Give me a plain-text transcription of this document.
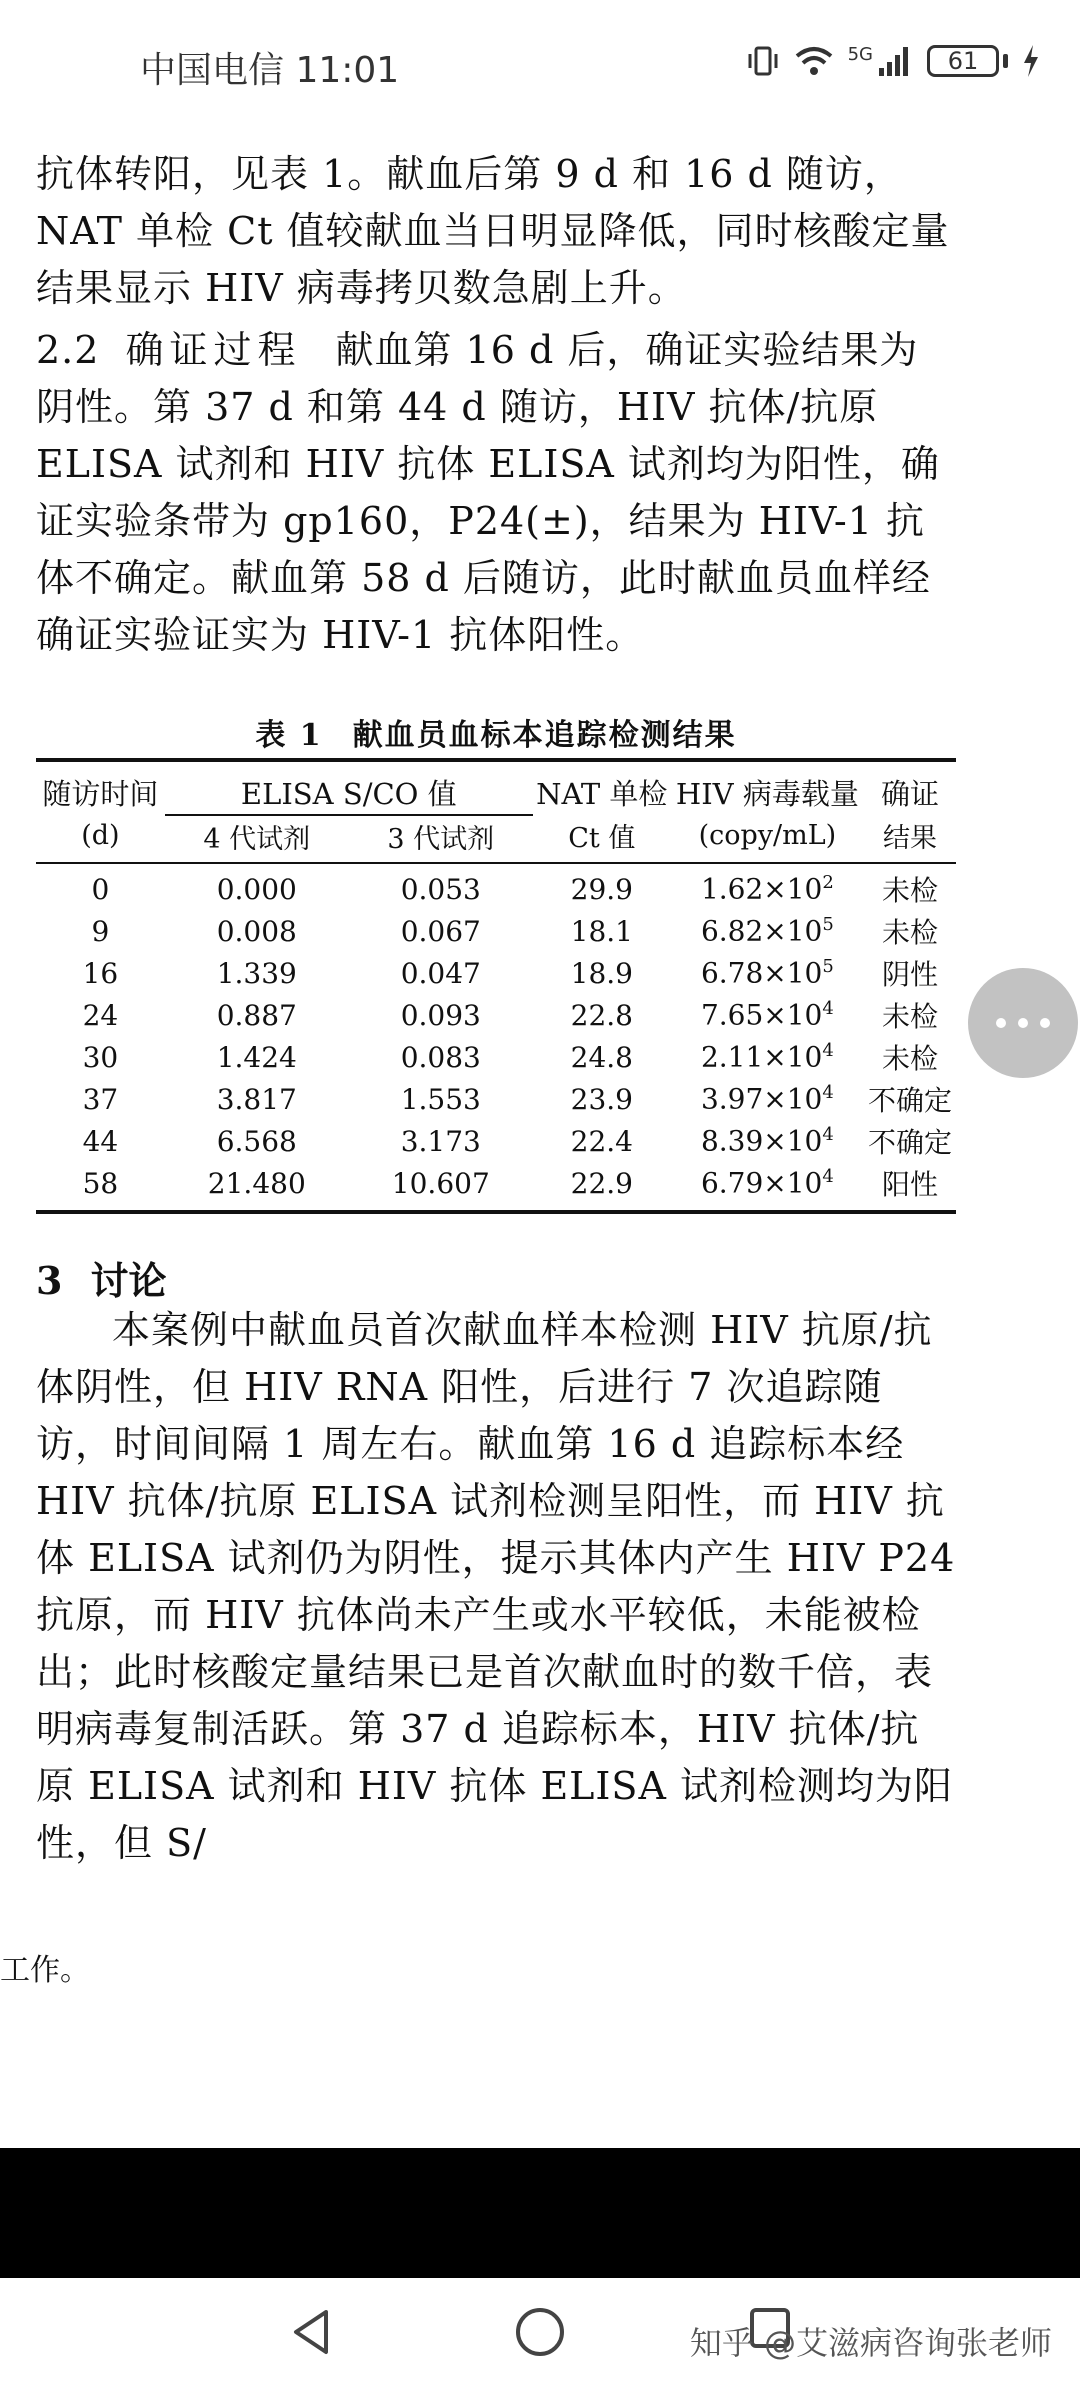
中国电信 11:01	5G	61
抗体转阳，见表 1。献血后第 9 d 和 16 d 随访，NAT 单检 Ct 值较献血当日明显降低，同时核酸定量结果显示 HIV 病毒拷贝数急剧上升。
2.2 确证过程 献血第 16 d 后，确证实验结果为阴性。第 37 d 和第 44 d 随访，HIV 抗体/抗原 ELISA 试剂和 HIV 抗体 ELISA 试剂均为阳性，确证实验条带为 gp160，P24(±)，结果为 HIV-1 抗体不确定。献血第 58 d 后随访，此时献血员血样经确证实验证实为 HIV-1 抗体阳性。
表 1 献血员血标本追踪检测结果
随访时间	ELISA S/CO 值		NAT 单检	HIV 病毒载量	确证
(d)	4 代试剂	3 代试剂	Ct 值	(copy/mL)	结果
0	0.000	0.053	29.9	$1.62\times 10^2$	未检
9	0.008	0.067	18.1	$6.82\times 10^5$	未检
16	1.339	0.047	18.9	$6.78\times 10^5$	阴性
24	0.887	0.093	22.8	$7.65\times 10^4$	未检
30	1.424	0.083	24.8	$2.11\times 10^4$	未检
37	3.817	1.553	23.9	$3.97\times 10^4$	不确定
44	6.568	3.173	22.4	$8.39\times 10^4$	不确定
58	21.480	10.607	22.9	$6.79\times 10^4$	阳性
3 讨论
本案例中献血员首次献血样本检测 HIV 抗原/抗体阴性，但 HIV RNA 阳性，后进行 7 次追踪随访，时间间隔 1 周左右。献血第 16 d 追踪标本经 HIV 抗体/抗原 ELISA 试剂检测呈阳性，而 HIV 抗体 ELISA 试剂仍为阴性，提示其体内产生 HIV P24 抗原，而 HIV 抗体尚未产生或水平较低，未能被检出；此时核酸定量结果已是首次献血时的数千倍，表明病毒复制活跃。第 37 d 追踪标本，HIV 抗体/抗原 ELISA 试剂和 HIV 抗体 ELISA 试剂检测均为阳性，但 S/
工作。
知乎 @艾滋病咨询张老师
